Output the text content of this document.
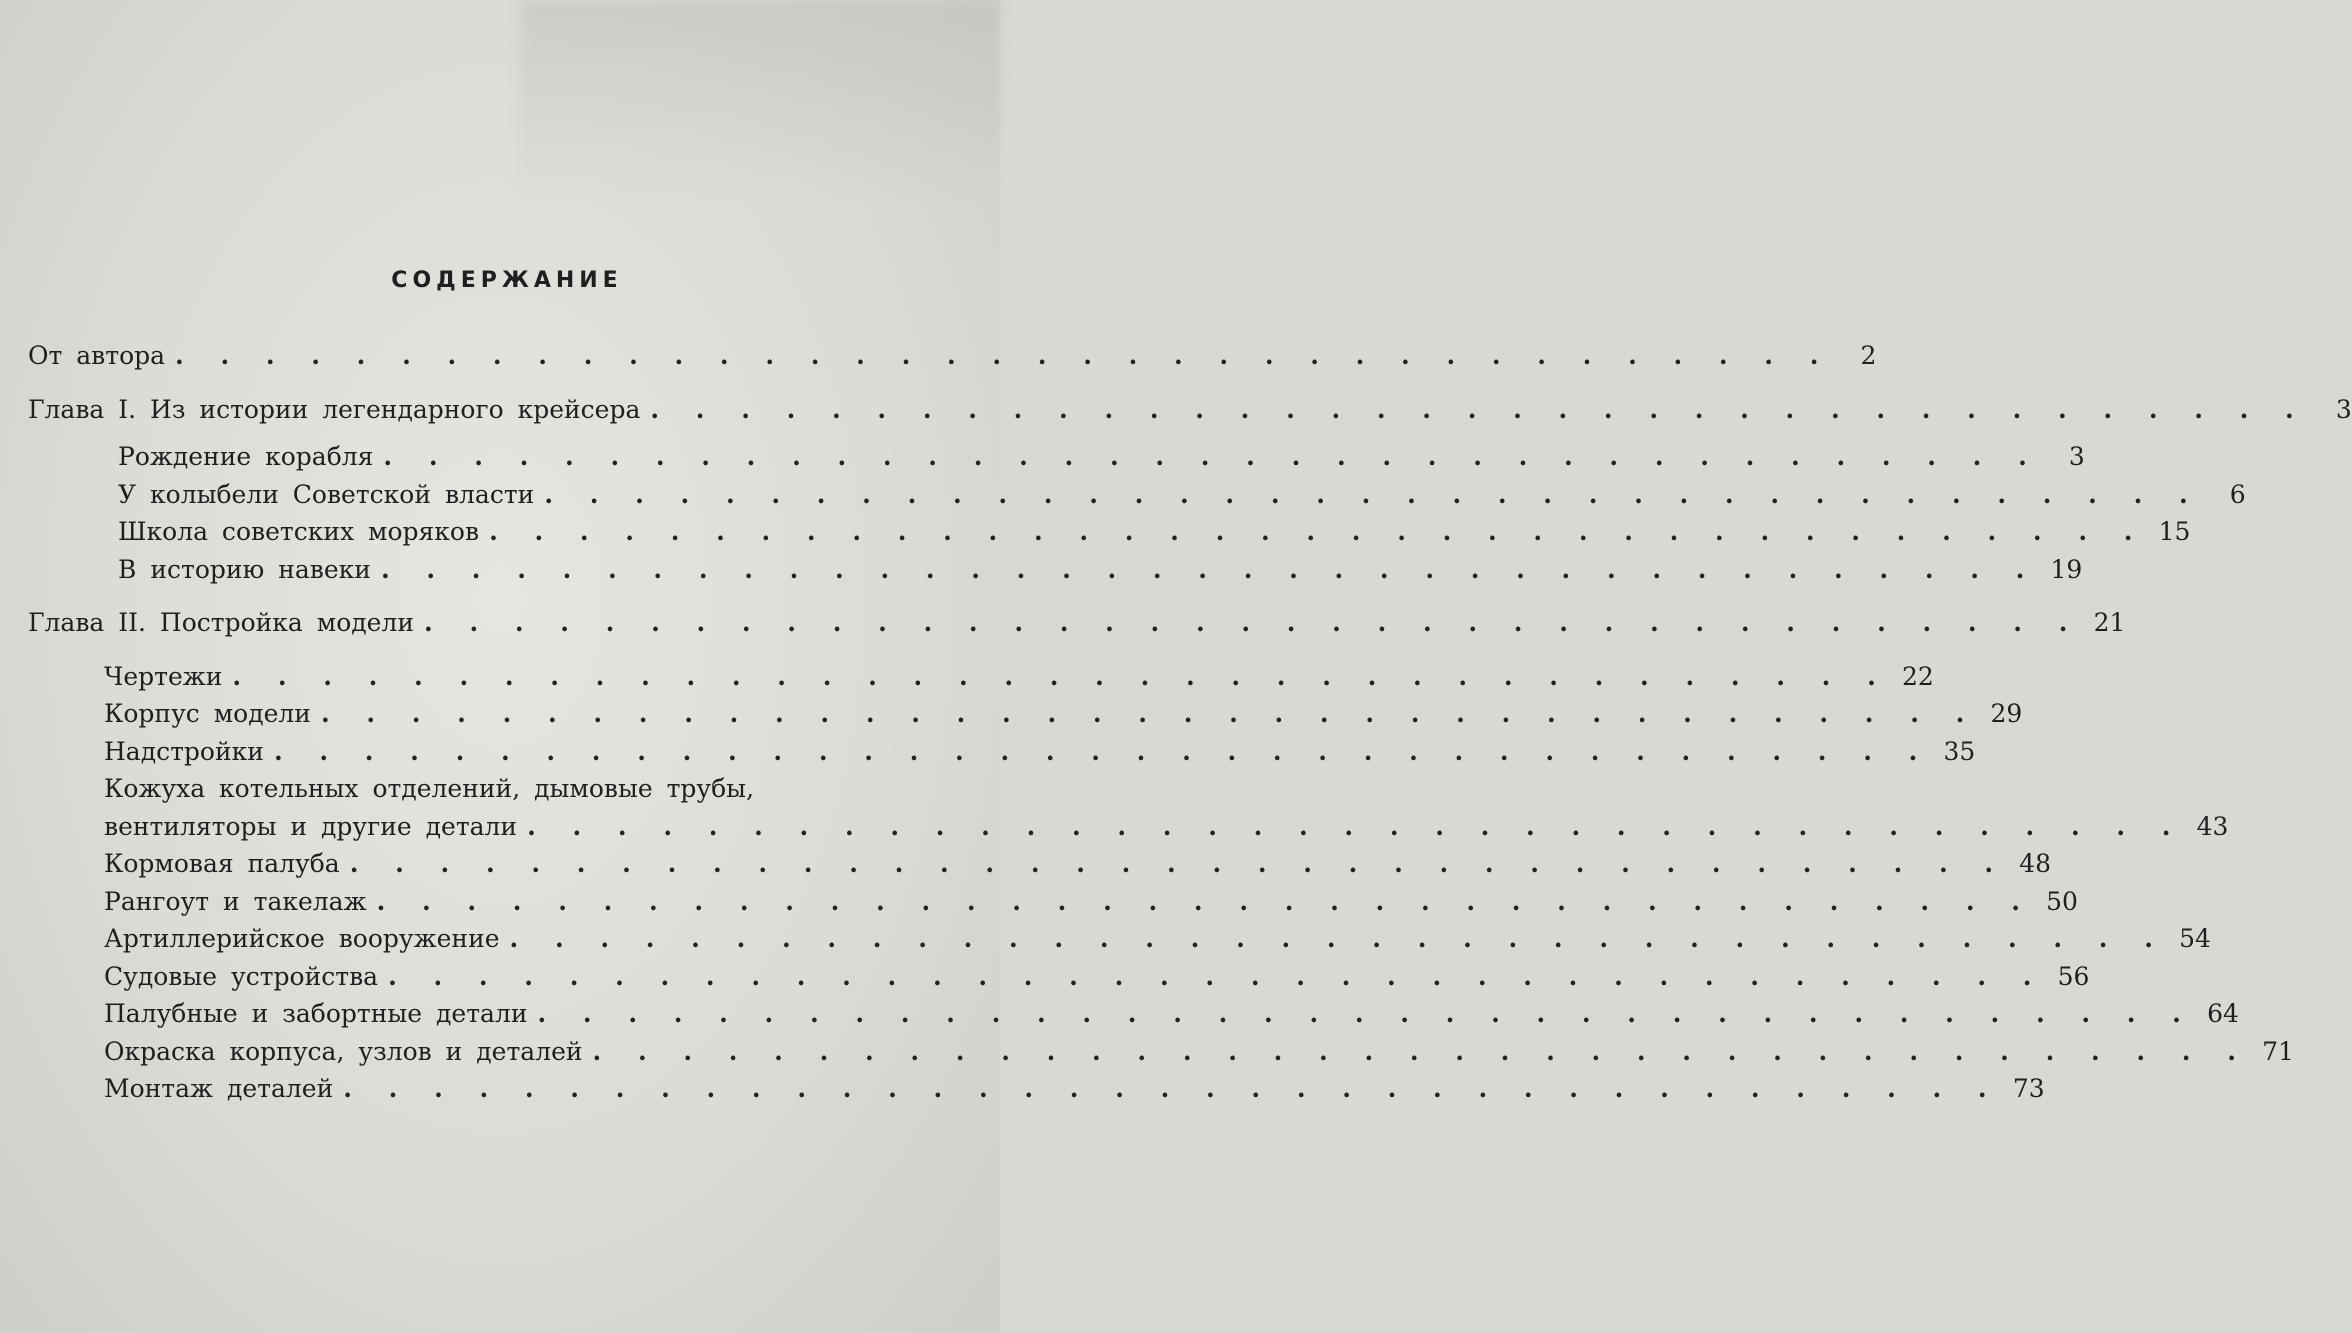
СОДЕРЖАНИЕ
От автора . . . . . . . . . . . . . . . . . . . . . . . . . . . . . . . . . . . . .	2
Глава I. Из истории легендарного крейсера . . . . . . . . . . . . . . . . . . . . . . . . . . . . . . . . . . . . .	3
Рождение корабля . . . . . . . . . . . . . . . . . . . . . . . . . . . . . . . . . . . . .	3
У колыбели Советской власти . . . . . . . . . . . . . . . . . . . . . . . . . . . . . . . . . . . . .	6
Школа советских моряков . . . . . . . . . . . . . . . . . . . . . . . . . . . . . . . . . . . . . 15
В историю навеки . . . . . . . . . . . . . . . . . . . . . . . . . . . . . . . . . . . . . 19
Глава II. Постройка модели . . . . . . . . . . . . . . . . . . . . . . . . . . . . . . . . . . . . . 21
Чертежи . . . . . . . . . . . . . . . . . . . . . . . . . . . . . . . . . . . . . 22
Корпус модели . . . . . . . . . . . . . . . . . . . . . . . . . . . . . . . . . . . . . 29
Надстройки . . . . . . . . . . . . . . . . . . . . . . . . . . . . . . . . . . . . . 35
Кожуха котельных отделений, дымовые трубы,
вентиляторы и другие детали . . . . . . . . . . . . . . . . . . . . . . . . . . . . . . . . . . . . . 43
Кормовая палуба . . . . . . . . . . . . . . . . . . . . . . . . . . . . . . . . . . . . . 48
Рангоут и такелаж . . . . . . . . . . . . . . . . . . . . . . . . . . . . . . . . . . . . . 50
Артиллерийское вооружение . . . . . . . . . . . . . . . . . . . . . . . . . . . . . . . . . . . . . 54
Судовые устройства . . . . . . . . . . . . . . . . . . . . . . . . . . . . . . . . . . . . . 56
Палубные и забортные детали . . . . . . . . . . . . . . . . . . . . . . . . . . . . . . . . . . . . . 64
Окраска корпуса, узлов и деталей . . . . . . . . . . . . . . . . . . . . . . . . . . . . . . . . . . . . . 71
Монтаж деталей . . . . . . . . . . . . . . . . . . . . . . . . . . . . . . . . . . . . . 73
